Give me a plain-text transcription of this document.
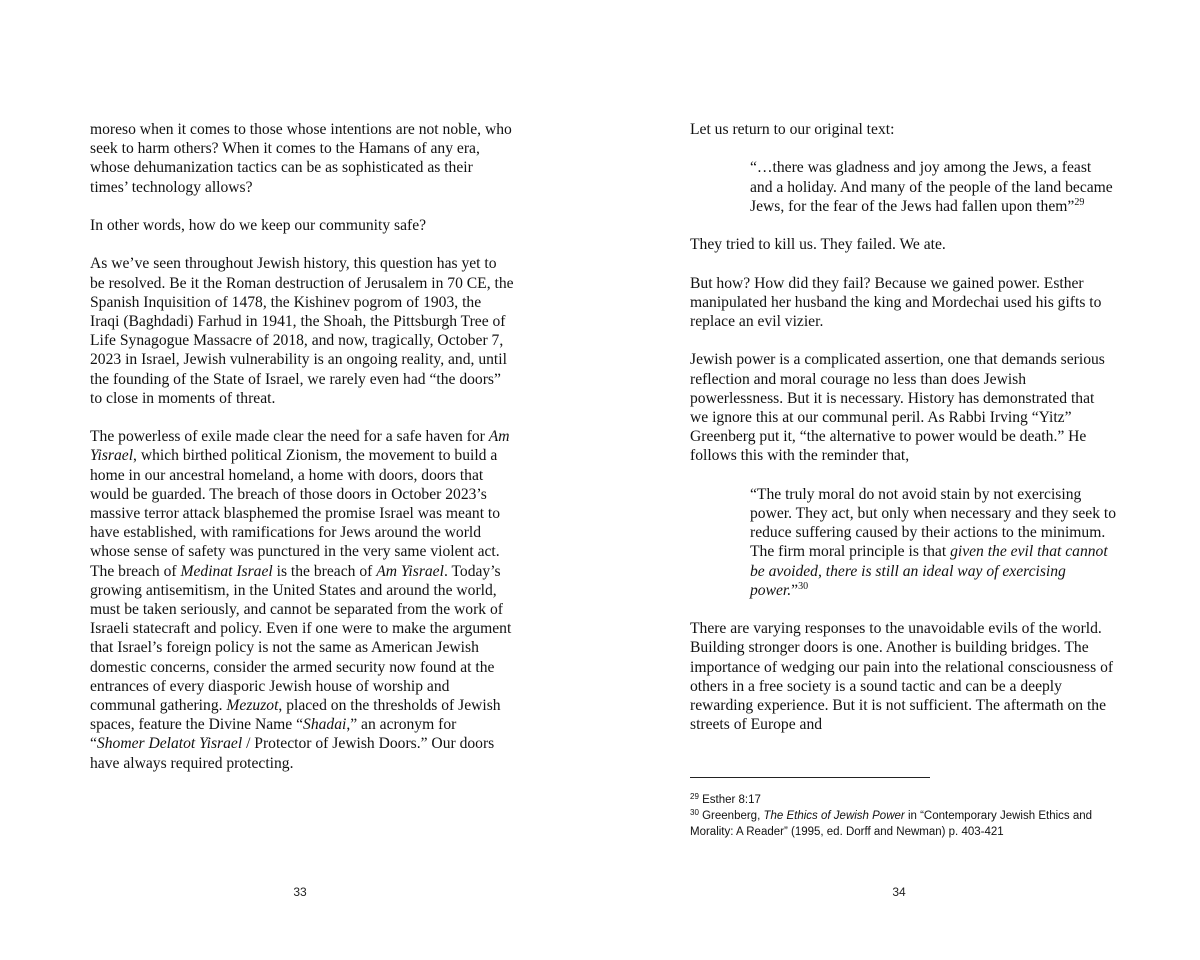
moreso when it comes to those whose intentions are not noble, who seek to harm others? When it comes to the Hamans of any era, whose dehumanization tactics can be as sophisticated as their times’ technology allows?

In other words, how do we keep our community safe?

As we’ve seen throughout Jewish history, this question has yet to be resolved. Be it the Roman destruction of Jerusalem in 70 CE, the Spanish Inquisition of 1478, the Kishinev pogrom of 1903, the Iraqi (Baghdadi) Farhud in 1941, the Shoah, the Pittsburgh Tree of Life Synagogue Massacre of 2018, and now, tragically, October 7, 2023 in Israel, Jewish vulnerability is an ongoing reality, and, until the founding of the State of Israel, we rarely even had “the doors” to close in moments of threat.

The powerless of exile made clear the need for a safe haven for Am Yisrael, which birthed political Zionism, the movement to build a home in our ancestral homeland, a home with doors, doors that would be guarded. The breach of those doors in October 2023’s massive terror attack blasphemed the promise Israel was meant to have established, with ramifications for Jews around the world whose sense of safety was punctured in the very same violent act. The breach of Medinat Israel is the breach of Am Yisrael. Today’s growing antisemitism, in the United States and around the world, must be taken seriously, and cannot be separated from the work of Israeli statecraft and policy. Even if one were to make the argument that Israel’s foreign policy is not the same as American Jewish domestic concerns, consider the armed security now found at the entrances of every diasporic Jewish house of worship and communal gathering. Mezuzot, placed on the thresholds of Jewish spaces, feature the Divine Name “Shadai,” an acronym for “Shomer Delatot Yisrael / Protector of Jewish Doors.” Our doors have always required protecting.

33

Let us return to our original text:

“…there was gladness and joy among the Jews, a feast and a holiday. And many of the people of the land became Jews, for the fear of the Jews had fallen upon them”$^{29}$

They tried to kill us. They failed. We ate.

But how? How did they fail? Because we gained power. Esther manipulated her husband the king and Mordechai used his gifts to replace an evil vizier.

Jewish power is a complicated assertion, one that demands serious reflection and moral courage no less than does Jewish powerlessness. But it is necessary. History has demonstrated that we ignore this at our communal peril. As Rabbi Irving “Yitz” Greenberg put it, “the alternative to power would be death.” He follows this with the reminder that,

“The truly moral do not avoid stain by not exercising power. They act, but only when necessary and they seek to reduce suffering caused by their actions to the minimum. The firm moral principle is that given the evil that cannot be avoided, there is still an ideal way of exercising power.”$^{30}$

There are varying responses to the unavoidable evils of the world. Building stronger doors is one. Another is building bridges. The importance of wedging our pain into the relational consciousness of others in a free society is a sound tactic and can be a deeply rewarding experience. But it is not sufficient. The aftermath on the streets of Europe and

$^{29}$ Esther 8:17
$^{30}$ Greenberg, The Ethics of Jewish Power in “Contemporary Jewish Ethics and Morality: A Reader” (1995, ed. Dorff and Newman) p. 403-421
34
